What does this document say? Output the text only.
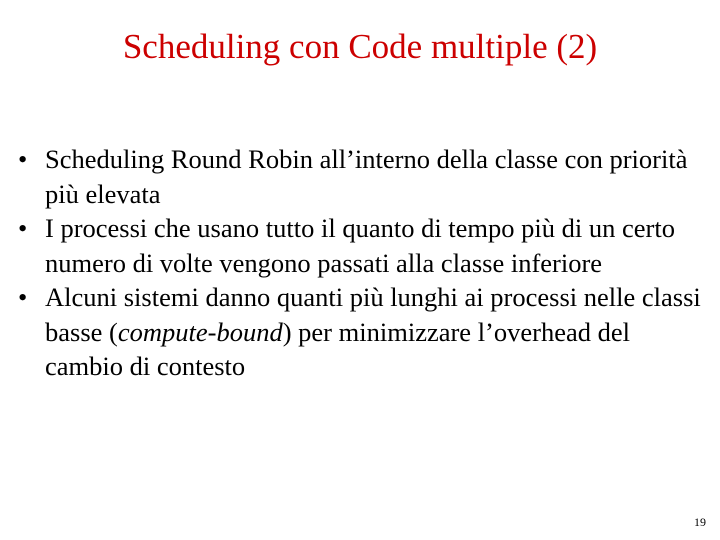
Scheduling con Code multiple (2)
• Scheduling Round Robin all’interno della classe con priorità più elevata
• I processi che usano tutto il quanto di tempo più di un certo numero di volte vengono passati alla classe inferiore
• Alcuni sistemi danno quanti più lunghi ai processi nelle classi basse (compute-bound) per minimizzare l’overhead del cambio di contesto
19
